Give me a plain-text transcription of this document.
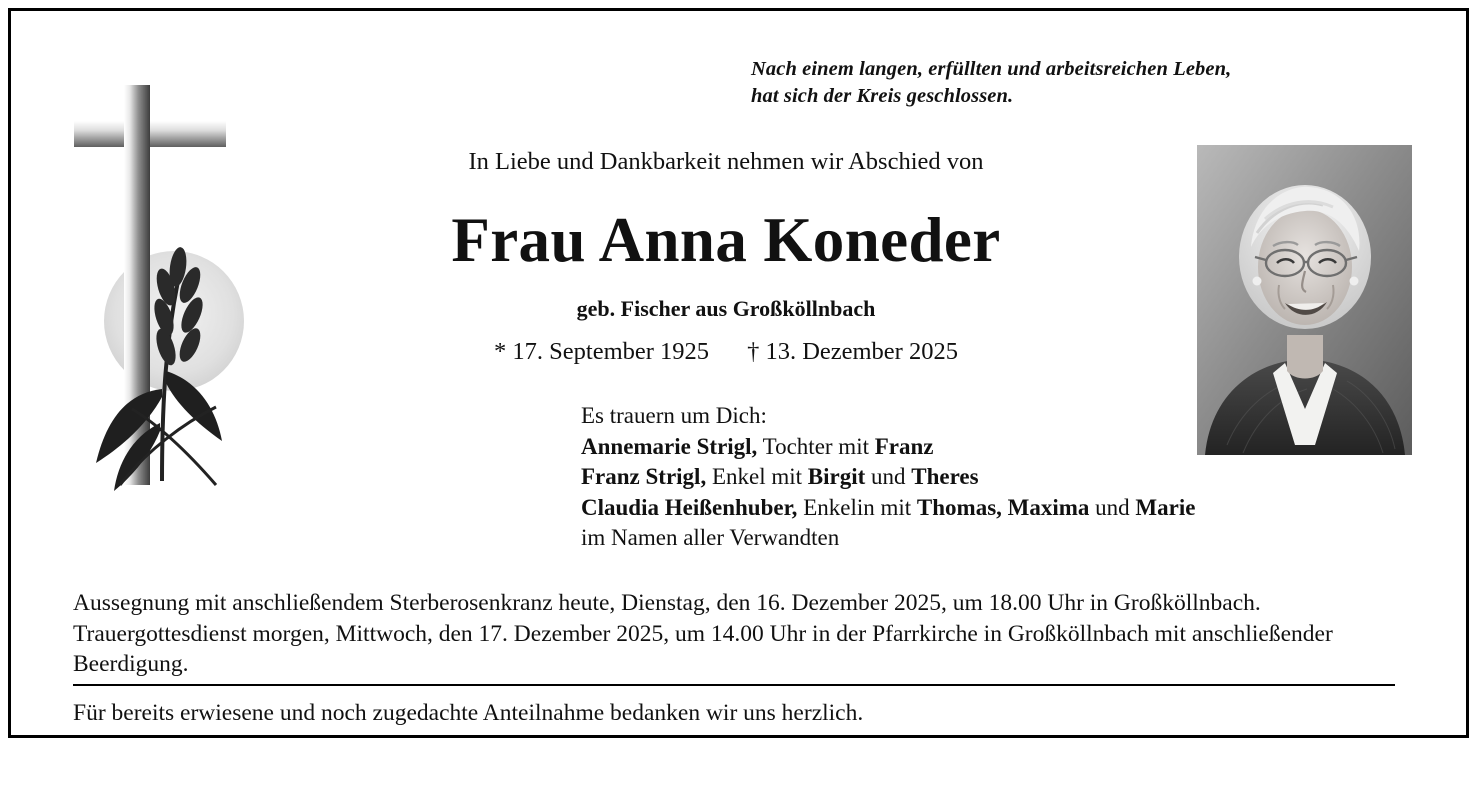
Nach einem langen, erfüllten und arbeitsreichen Leben,
hat sich der Kreis geschlossen.
In Liebe und Dankbarkeit nehmen wir Abschied von
Frau Anna Koneder
geb. Fischer aus Großköllnbach
* 17. September 1925 † 13. Dezember 2025
Es trauern um Dich:
Annemarie Strigl, Tochter mit Franz
Franz Strigl, Enkel mit Birgit und Theres
Claudia Heißenhuber, Enkelin mit Thomas, Maxima und Marie
im Namen aller Verwandten
Aussegnung mit anschließendem Sterberosenkranz heute, Dienstag, den 16. Dezember 2025, um 18.00 Uhr in Großköllnbach. Trauergottesdienst morgen, Mittwoch, den 17. Dezember 2025, um 14.00 Uhr in der Pfarrkirche in Großköllnbach mit anschließender Beerdigung.
Für bereits erwiesene und noch zugedachte Anteilnahme bedanken wir uns herzlich.
